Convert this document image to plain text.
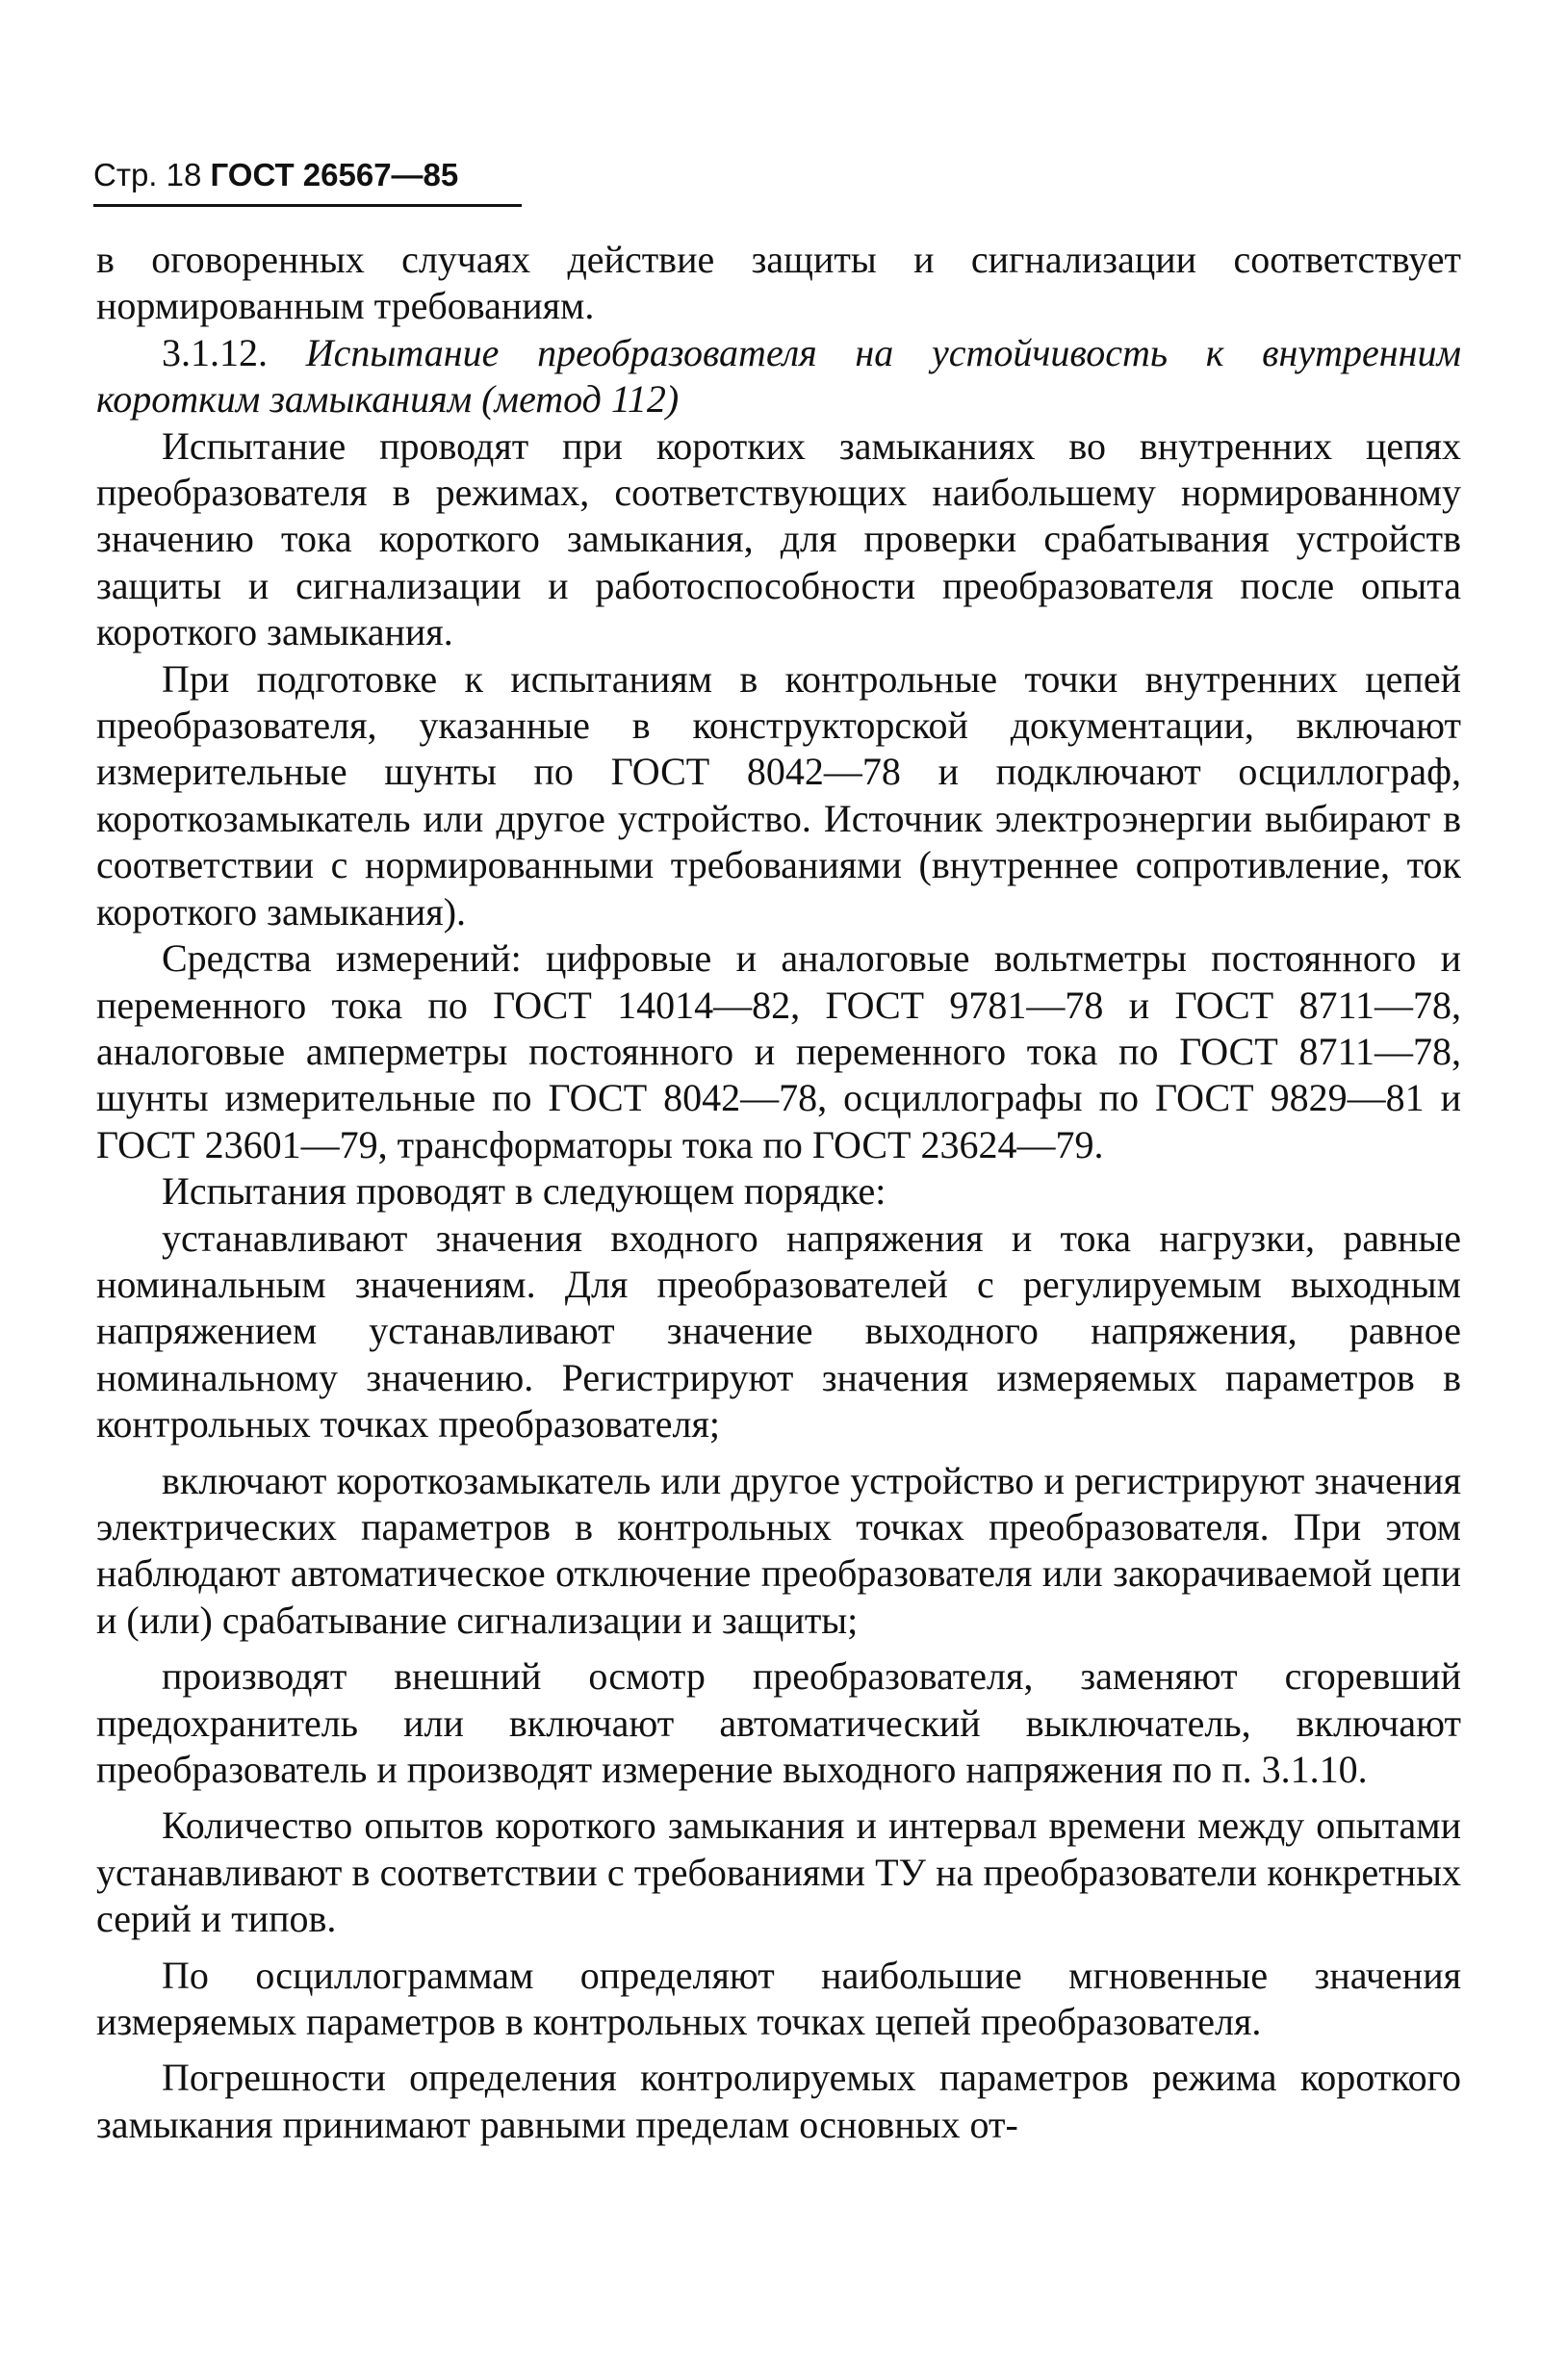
Стр. 18 ГОСТ 26567—85

в оговоренных случаях действие защиты и сигнализации соответствует нормированным требованиям.

3.1.12. Испытание преобразователя на устойчивость к внутренним коротким замыканиям (метод 112)

Испытание проводят при коротких замыканиях во внутренних цепях преобразователя в режимах, соответствующих наибольшему нормированному значению тока короткого замыкания, для проверки срабатывания устройств защиты и сигнализации и работоспособности преобразователя после опыта короткого замыкания.

При подготовке к испытаниям в контрольные точки внутренних цепей преобразователя, указанные в конструкторской документации, включают измерительные шунты по ГОСТ 8042—78 и подключают осциллограф, короткозамыкатель или другое устройство. Источник электроэнергии выбирают в соответствии с нормированными требованиями (внутреннее сопротивление, ток короткого замыкания).

Средства измерений: цифровые и аналоговые вольтметры постоянного и переменного тока по ГОСТ 14014—82, ГОСТ 9781—78 и ГОСТ 8711—78, аналоговые амперметры постоянного и переменного тока по ГОСТ 8711—78, шунты измерительные по ГОСТ 8042—78, осциллографы по ГОСТ 9829—81 и ГОСТ 23601—79, трансформаторы тока по ГОСТ 23624—79.

Испытания проводят в следующем порядке:

устанавливают значения входного напряжения и тока нагрузки, равные номинальным значениям. Для преобразователей с регулируемым выходным напряжением устанавливают значение выходного напряжения, равное номинальному значению. Регистрируют значения измеряемых параметров в контрольных точках преобразователя;

включают короткозамыкатель или другое устройство и регистрируют значения электрических параметров в контрольных точках преобразователя. При этом наблюдают автоматическое отключение преобразователя или закорачиваемой цепи и (или) срабатывание сигнализации и защиты;

производят внешний осмотр преобразователя, заменяют сгоревший предохранитель или включают автоматический выключатель, включают преобразователь и производят измерение выходного напряжения по п. 3.1.10.

Количество опытов короткого замыкания и интервал времени между опытами устанавливают в соответствии с требованиями ТУ на преобразователи конкретных серий и типов.

По осциллограммам определяют наибольшие мгновенные значения измеряемых параметров в контрольных точках цепей преобразователя.

Погрешности определения контролируемых параметров режима короткого замыкания принимают равными пределам основных от-
